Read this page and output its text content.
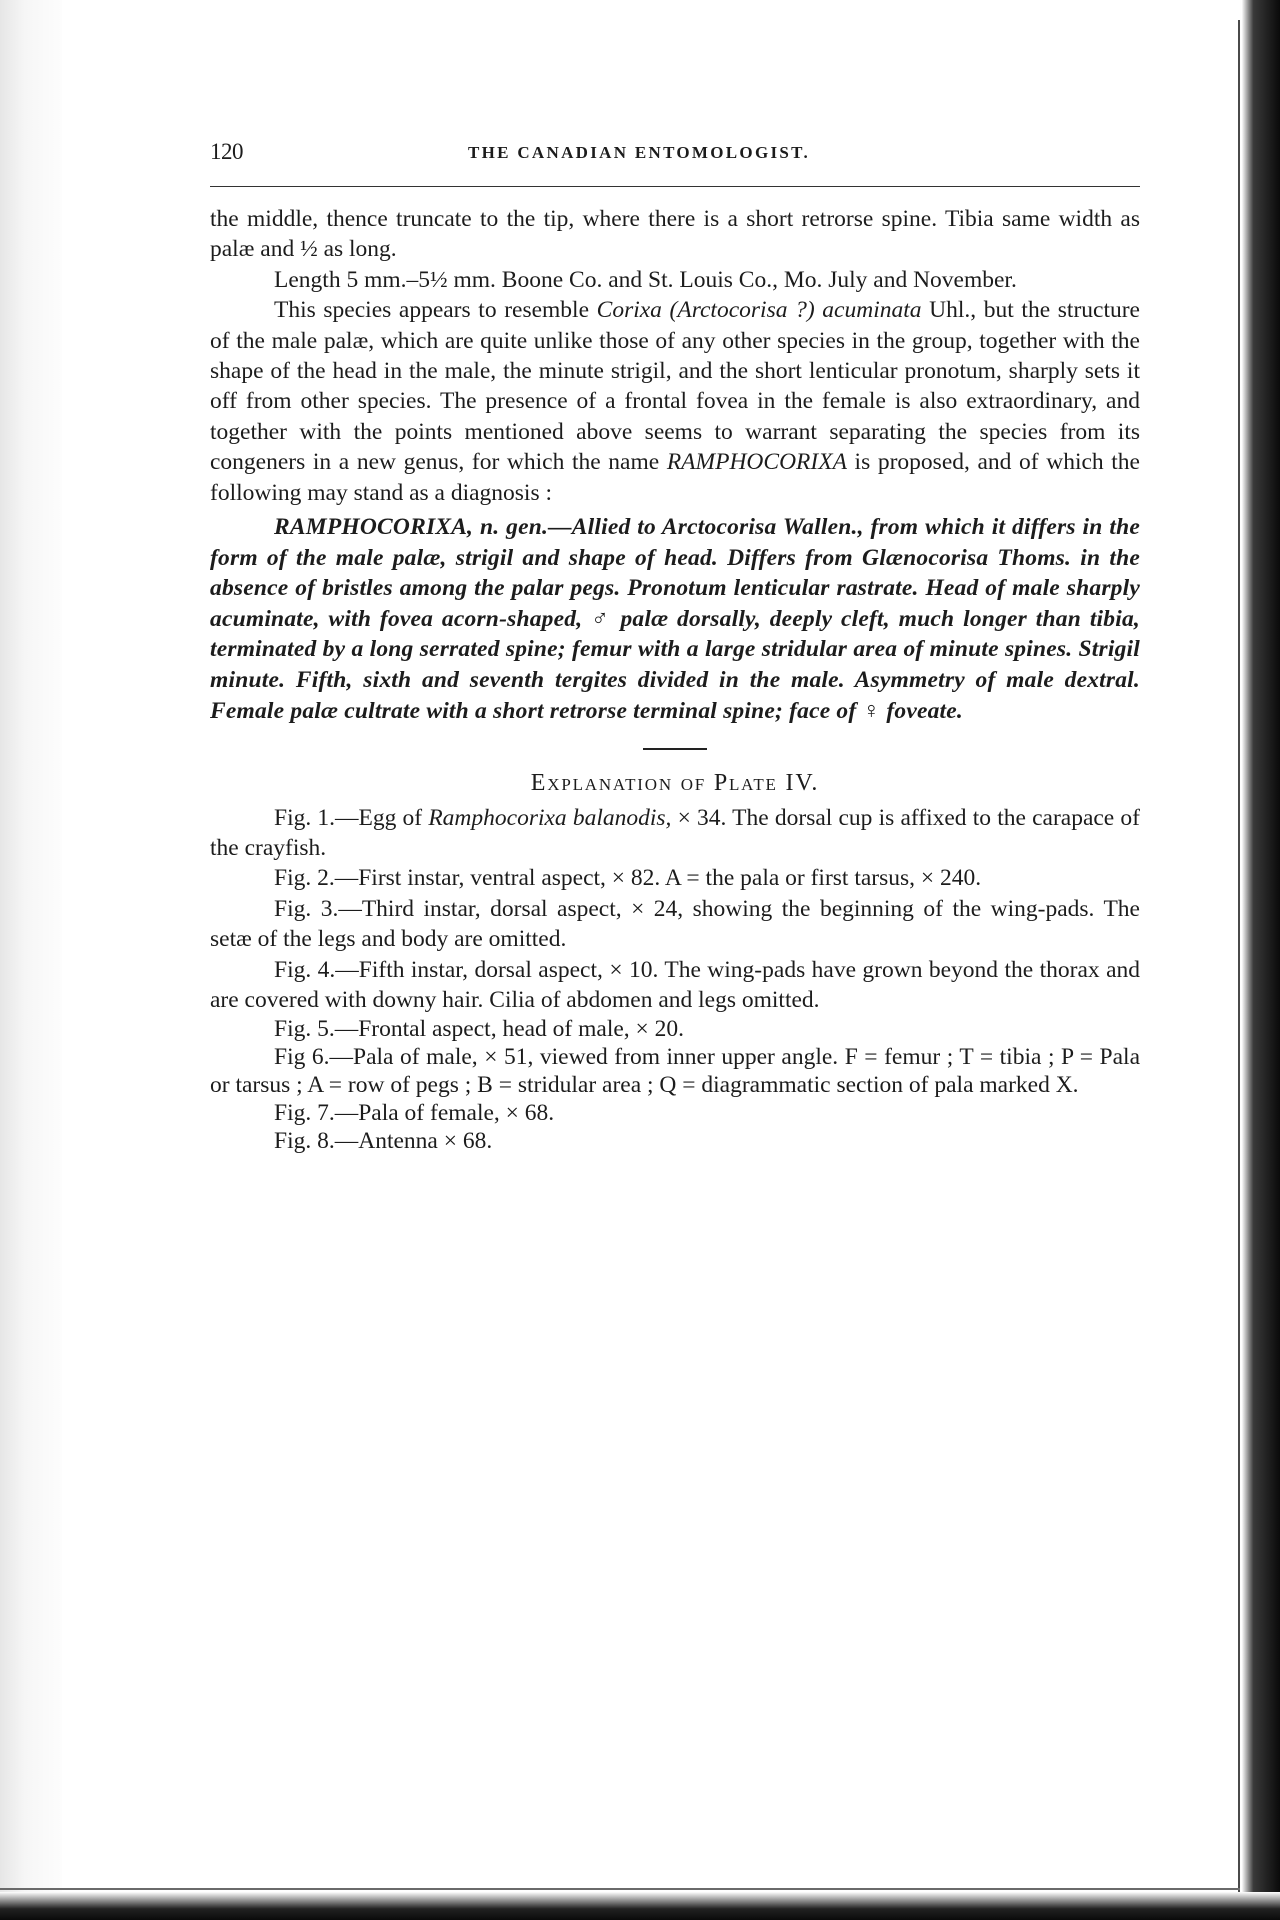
120	THE CANADIAN ENTOMOLOGIST.

the middle, thence truncate to the tip, where there is a short retrorse spine. Tibia same width as palæ and ½ as long.

Length 5 mm.–5½ mm. Boone Co. and St. Louis Co., Mo. July and November.

This species appears to resemble Corixa (Arctocorisa ?) acuminata Uhl., but the structure of the male palæ, which are quite unlike those of any other species in the group, together with the shape of the head in the male, the minute strigil, and the short lenticular pronotum, sharply sets it off from other species. The presence of a frontal fovea in the female is also extraordinary, and together with the points mentioned above seems to warrant separating the species from its congeners in a new genus, for which the name RAMPHOCORIXA is proposed, and of which the following may stand as a diagnosis :

RAMPHOCORIXA, n. gen.—Allied to Arctocorisa Wallen., from which it differs in the form of the male palæ, strigil and shape of head. Differs from Glænocorisa Thoms. in the absence of bristles among the palar pegs. Pronotum lenticular rastrate. Head of male sharply acuminate, with fovea acorn-shaped, ♂ palæ dorsally, deeply cleft, much longer than tibia, terminated by a long serrated spine; femur with a large stridular area of minute spines. Strigil minute. Fifth, sixth and seventh tergites divided in the male. Asymmetry of male dextral. Female palæ cultrate with a short retrorse terminal spine; face of ♀ foveate.

Explanation of Plate IV.

Fig. 1.—Egg of Ramphocorixa balanodis, × 34. The dorsal cup is affixed to the carapace of the crayfish.

Fig. 2.—First instar, ventral aspect, × 82. A = the pala or first tarsus, × 240.

Fig. 3.—Third instar, dorsal aspect, × 24, showing the beginning of the wing-pads. The setæ of the legs and body are omitted.

Fig. 4.—Fifth instar, dorsal aspect, × 10. The wing-pads have grown beyond the thorax and are covered with downy hair. Cilia of abdomen and legs omitted.

Fig. 5.—Frontal aspect, head of male, × 20.

Fig 6.—Pala of male, × 51, viewed from inner upper angle. F = femur ; T = tibia ; P = Pala or tarsus ; A = row of pegs ; B = stridular area ; Q = diagrammatic section of pala marked X.

Fig. 7.—Pala of female, × 68.

Fig. 8.—Antenna × 68.
